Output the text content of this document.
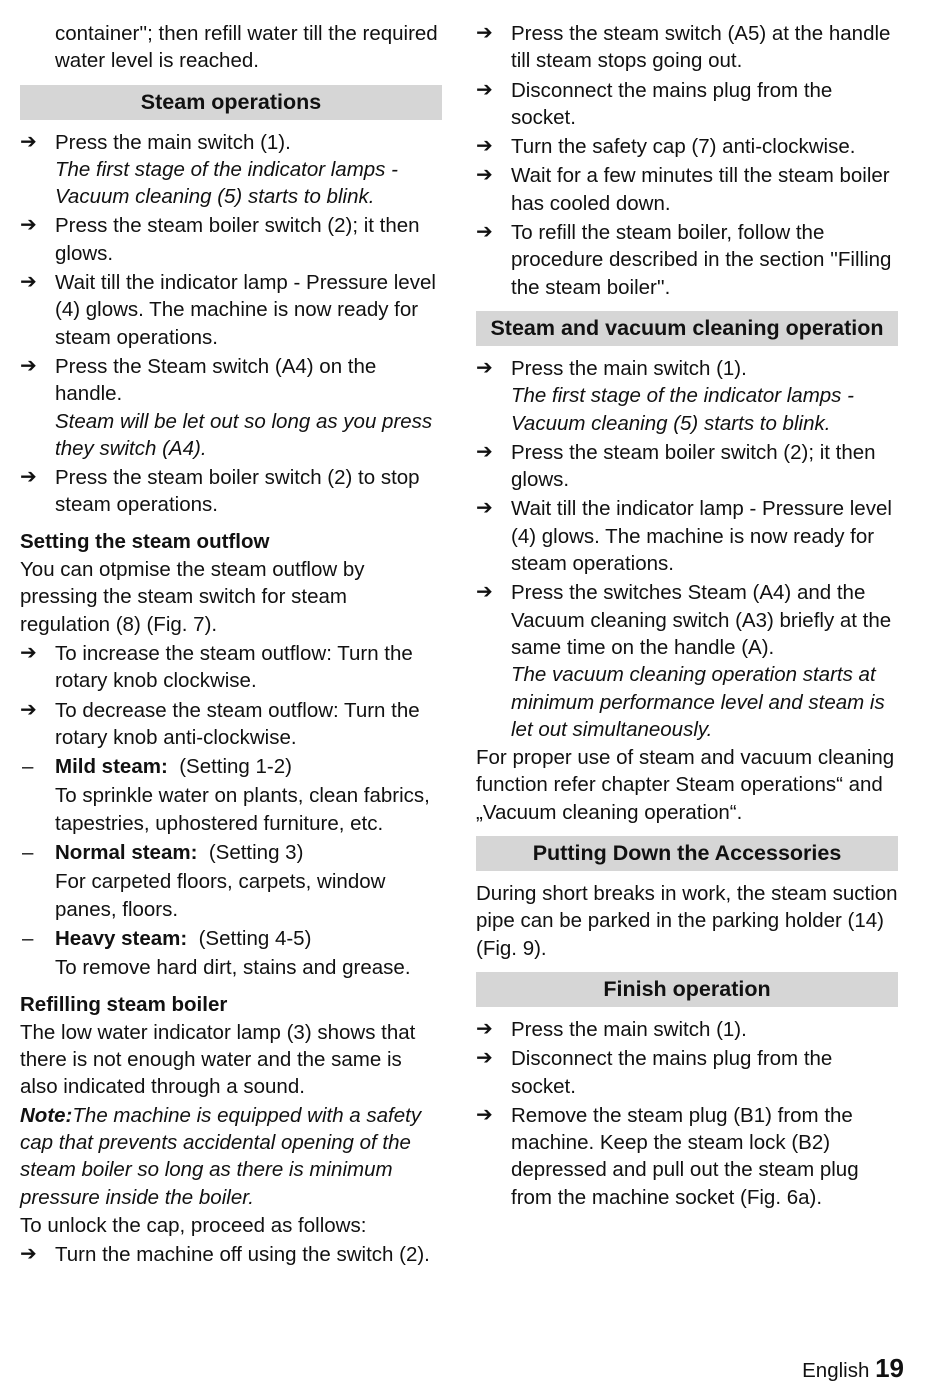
container''; then refill water till the required water level is reached.
Steam operations
➔ Press the main switch (1).
The first stage of the indicator lamps - Vacuum cleaning (5) starts to blink.
➔ Press the steam boiler switch (2); it then glows.
➔ Wait till the indicator lamp - Pressure level (4) glows. The machine is now ready for steam operations.
➔ Press the Steam switch (A4) on the handle.
Steam will be let out so long as you press they switch (A4).
➔ Press the steam boiler switch (2) to stop steam operations.
Setting the steam outflow
You can otpmise the steam outflow by pressing the steam switch for steam regulation (8) (Fig. 7).
➔ To increase the steam outflow: Turn the rotary knob clockwise.
➔ To decrease the steam outflow: Turn the rotary knob anti-clockwise.
– Mild steam: (Setting 1-2)
To sprinkle water on plants, clean fabrics, tapestries, uphostered furniture, etc.
– Normal steam: (Setting 3)
For carpeted floors, carpets, window panes, floors.
– Heavy steam: (Setting 4-5)
To remove hard dirt, stains and grease.
Refilling steam boiler
The low water indicator lamp (3) shows that there is not enough water and the same is also indicated through a sound.
Note:The machine is equipped with a safety cap that prevents accidental opening of the steam boiler so long as there is minimum pressure inside the boiler.
To unlock the cap, proceed as follows:
➔ Turn the machine off using the switch (2).
➔ Press the steam switch (A5) at the handle till steam stops going out.
➔ Disconnect the mains plug from the socket.
➔ Turn the safety cap (7) anti-clockwise.
➔ Wait for a few minutes till the steam boiler has cooled down.
➔ To refill the steam boiler, follow the procedure described in the section ''Filling the steam boiler''.
Steam and vacuum cleaning operation
➔ Press the main switch (1).
The first stage of the indicator lamps - Vacuum cleaning (5) starts to blink.
➔ Press the steam boiler switch (2); it then glows.
➔ Wait till the indicator lamp - Pressure level (4) glows. The machine is now ready for steam operations.
➔ Press the switches Steam (A4) and the Vacuum cleaning switch (A3) briefly at the same time on the handle (A).
The vacuum cleaning operation starts at minimum performance level and steam is let out simultaneously.
For proper use of steam and vacuum cleaning function refer chapter Steam operations“ and „Vacuum cleaning operation“.
Putting Down the Accessories
During short breaks in work, the steam suction pipe can be parked in the parking holder (14) (Fig. 9).
Finish operation
➔ Press the main switch (1).
➔ Disconnect the mains plug from the socket.
➔ Remove the steam plug (B1) from the machine. Keep the steam lock (B2) depressed and pull out the steam plug from the machine socket (Fig. 6a).
English 19
